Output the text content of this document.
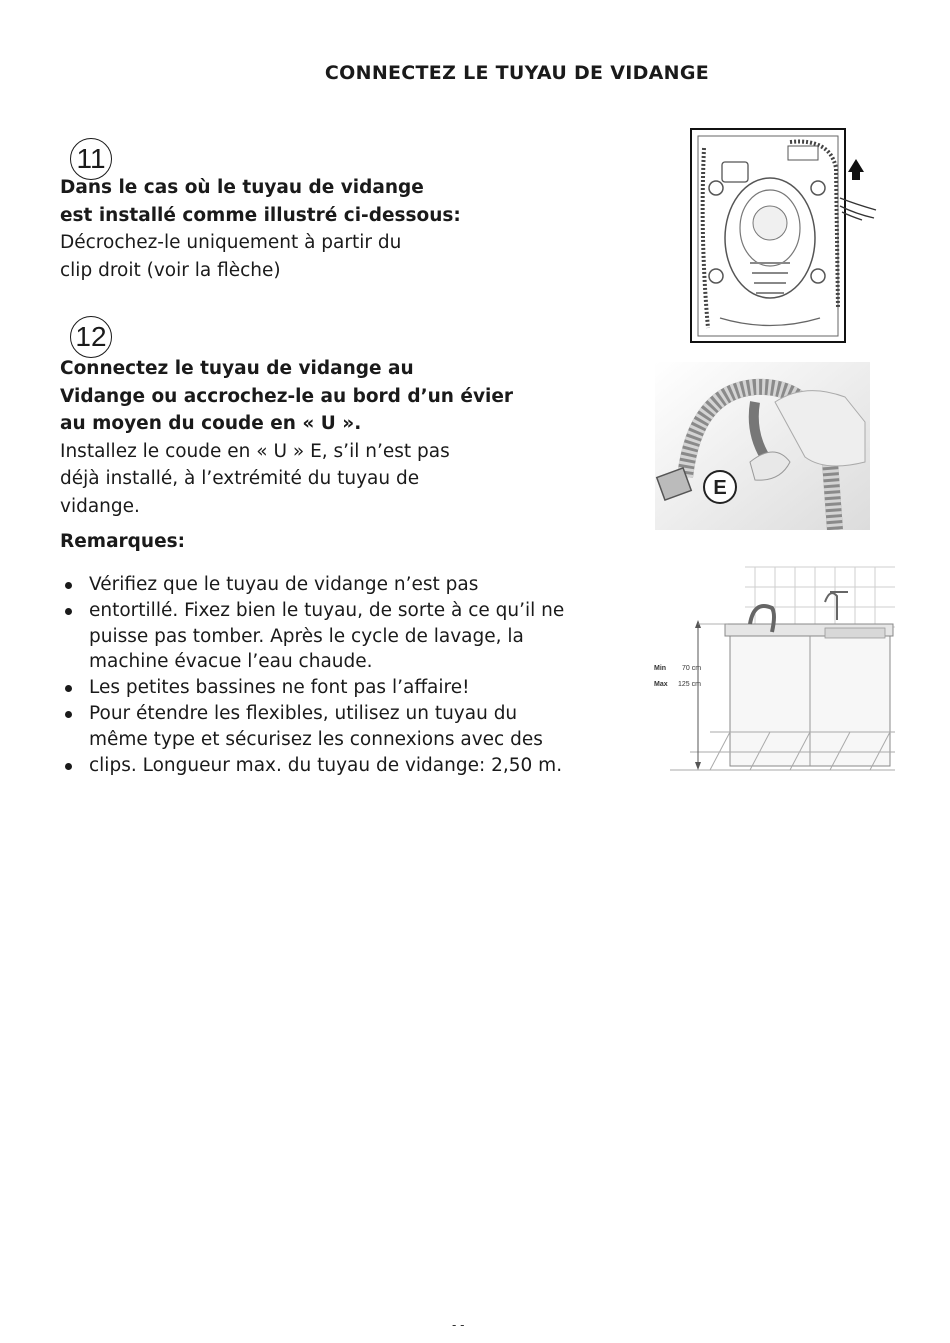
CONNECTEZ LE TUYAU DE VIDANGE
11
Dans le cas où le tuyau de vidange
est installé comme illustré ci-dessous:
Décrochez-le uniquement à partir du
clip droit (voir la flèche)
12
Connectez le tuyau de vidange au
Vidange ou accrochez-le au bord d’un évier
au moyen du coude en « U ».
Installez le coude en « U » E, s’il n’est pas
déjà installé, à l’extrémité du tuyau de
vidange.
Remarques:
Vérifiez que le tuyau de vidange n’est pas
entortillé. Fixez bien le tuyau, de sorte à ce qu’il ne
puisse pas tomber. Après le cycle de lavage, la
machine évacue l’eau chaude.
Les petites bassines ne font pas l’affaire!
Pour étendre les flexibles, utilisez un tuyau du
même type et sécurisez les connexions avec des
clips. Longueur max. du tuyau de vidange: 2,50 m.
E
Min 70 cm
Max 125 cm
- -
